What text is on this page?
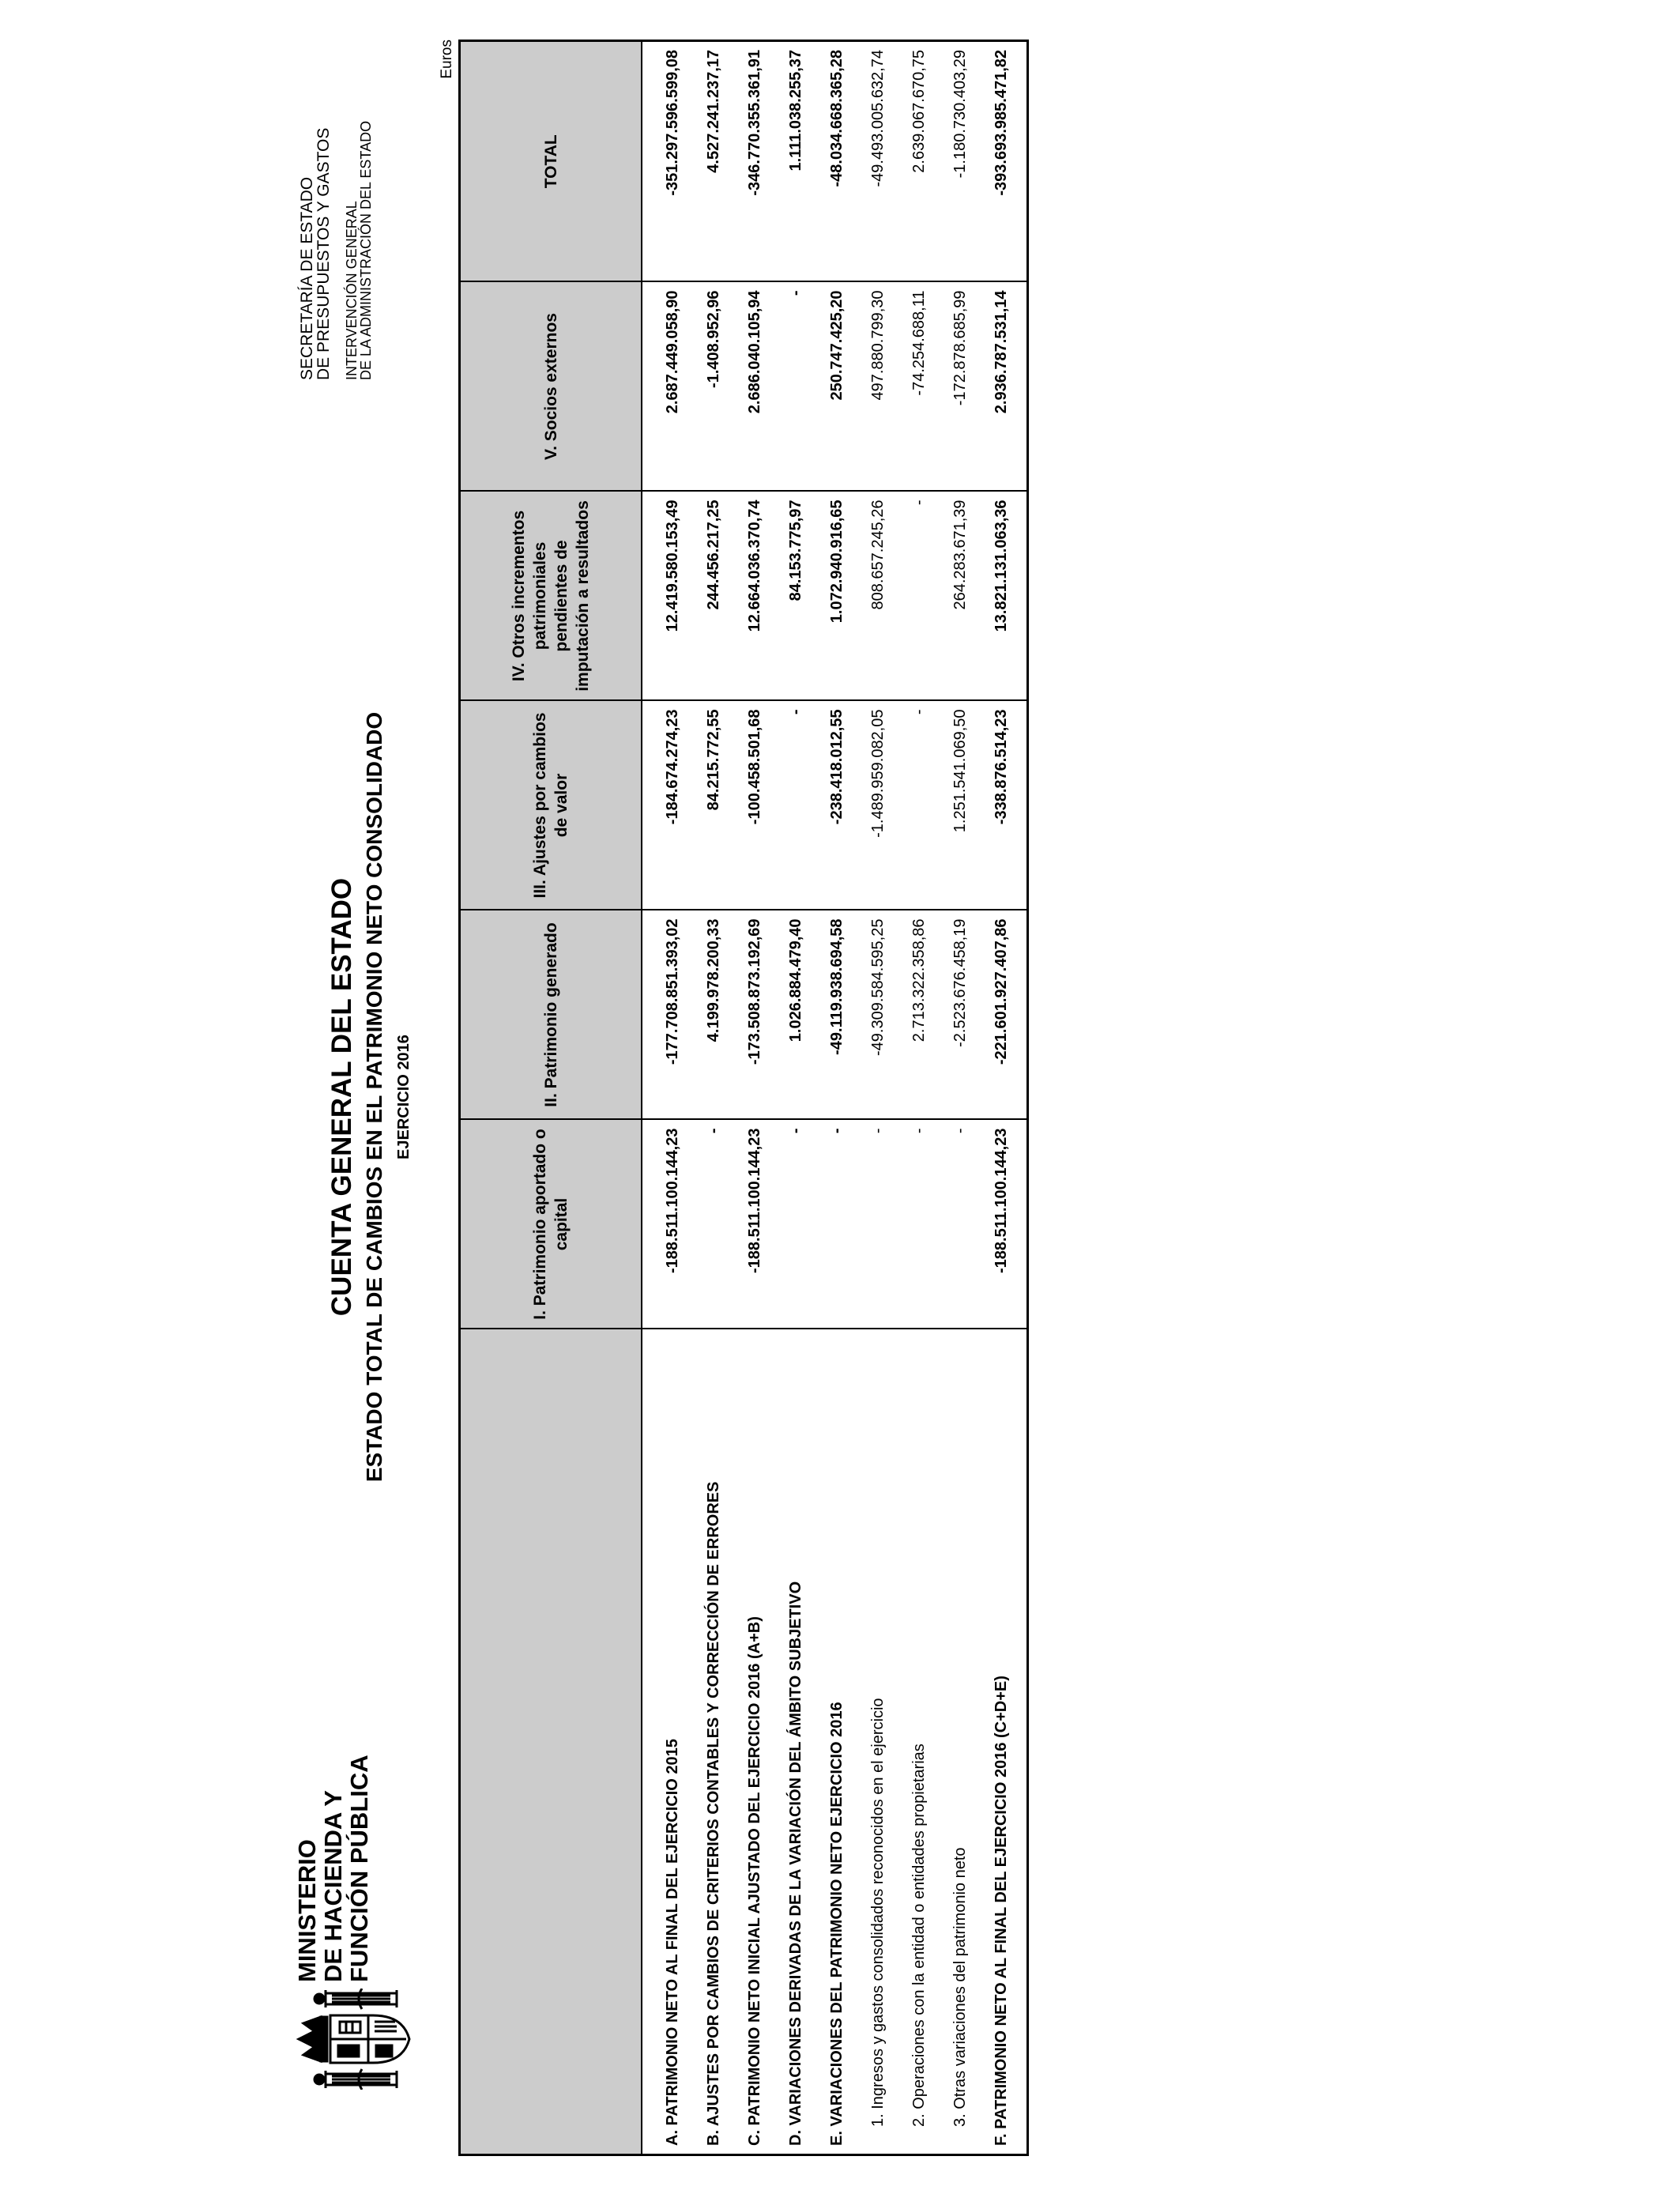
MINISTERIO
DE HACIENDA Y
FUNCIÓN PÚBLICA
CUENTA GENERAL DEL ESTADO ESTADO TOTAL DE CAMBIOS EN EL PATRIMONIO NETO CONSOLIDADO EJERCICIO 2016
SECRETARÍA DE ESTADO
DE PRESUPUESTOS Y GASTOS INTERVENCIÓN GENERAL
DE LA ADMINISTRACIÓN DEL ESTADO
Euros
	I. Patrimonio aportado o capital	II. Patrimonio generado	III. Ajustes por cambios de valor	IV. Otros incrementos patrimoniales pendientes de imputación a resultados	V. Socios externos	TOTAL
A. PATRIMONIO NETO AL FINAL DEL EJERCICIO 2015	-188.511.100.144,23	-177.708.851.393,02	-184.674.274,23	12.419.580.153,49	2.687.449.058,90	-351.297.596.599,08
B. AJUSTES POR CAMBIOS DE CRITERIOS CONTABLES Y CORRECCIÓN DE ERRORES	-	4.199.978.200,33	84.215.772,55	244.456.217,25	-1.408.952,96	4.527.241.237,17
C. PATRIMONIO NETO INICIAL AJUSTADO DEL EJERCICIO 2016 (A+B)	-188.511.100.144,23	-173.508.873.192,69	-100.458.501,68	12.664.036.370,74	2.686.040.105,94	-346.770.355.361,91
D. VARIACIONES DERIVADAS DE LA VARIACIÓN DEL ÁMBITO SUBJETIVO	-	1.026.884.479,40	-	84.153.775,97	-	1.111.038.255,37
E. VARIACIONES DEL PATRIMONIO NETO EJERCICIO 2016	-	-49.119.938.694,58	-238.418.012,55	1.072.940.916,65	250.747.425,20	-48.034.668.365,28
1. Ingresos y gastos consolidados reconocidos en el ejercicio	-	-49.309.584.595,25	-1.489.959.082,05	808.657.245,26	497.880.799,30	-49.493.005.632,74
2. Operaciones con la entidad o entidades propietarias	-	2.713.322.358,86	-	-	-74.254.688,11	2.639.067.670,75
3. Otras variaciones del patrimonio neto	-	-2.523.676.458,19	1.251.541.069,50	264.283.671,39	-172.878.685,99	-1.180.730.403,29
F. PATRIMONIO NETO AL FINAL DEL EJERCICIO 2016 (C+D+E)	-188.511.100.144,23	-221.601.927.407,86	-338.876.514,23	13.821.131.063,36	2.936.787.531,14	-393.693.985.471,82
